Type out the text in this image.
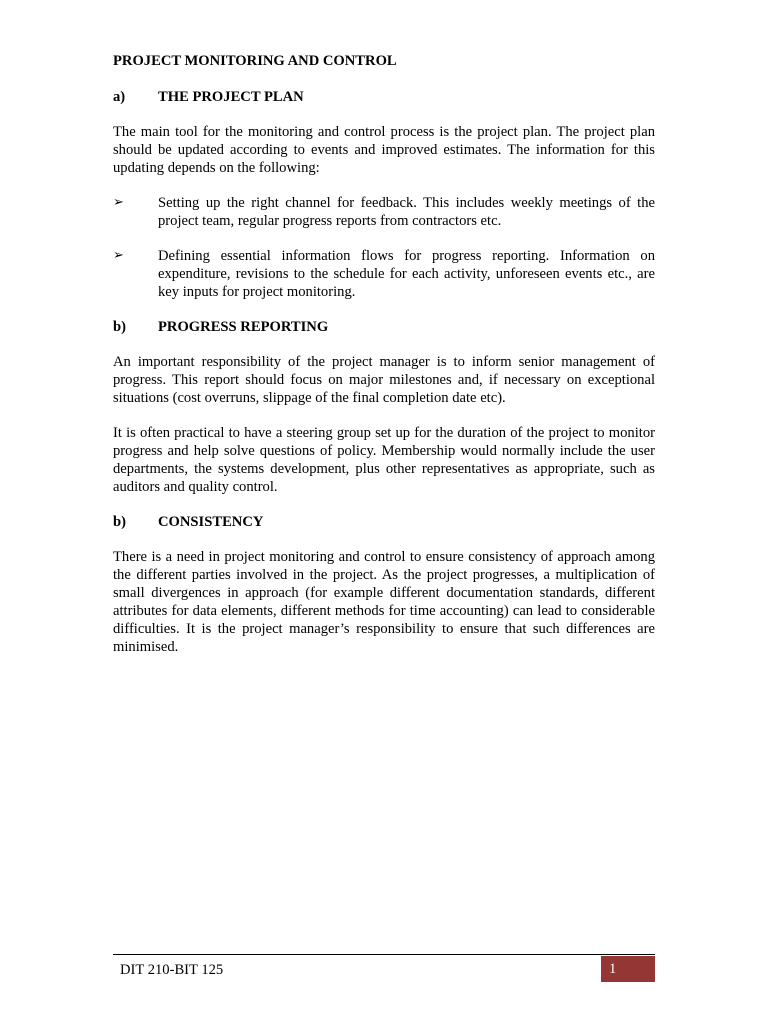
PROJECT MONITORING AND CONTROL
a)	THE PROJECT PLAN

The main tool for the monitoring and control process is the project plan. The project plan should be updated according to events and improved estimates. The information for this updating depends on the following:

➢	Setting up the right channel for feedback. This includes weekly meetings of the project team, regular progress reports from contractors etc.
➢	Defining essential information flows for progress reporting. Information on expenditure, revisions to the schedule for each activity, unforeseen events etc., are key inputs for project monitoring.
b)	PROGRESS REPORTING

An important responsibility of the project manager is to inform senior management of progress. This report should focus on major milestones and, if necessary on exceptional situations (cost overruns, slippage of the final completion date etc).

It is often practical to have a steering group set up for the duration of the project to monitor progress and help solve questions of policy. Membership would normally include the user departments, the systems development, plus other representatives as appropriate, such as auditors and quality control.

b)	CONSISTENCY

There is a need in project monitoring and control to ensure consistency of approach among the different parties involved in the project. As the project progresses, a multiplication of small divergences in approach (for example different documentation standards, different attributes for data elements, different methods for time accounting) can lead to considerable difficulties. It is the project manager’s responsibility to ensure that such differences are minimised.

DIT 210-BIT 125	1
